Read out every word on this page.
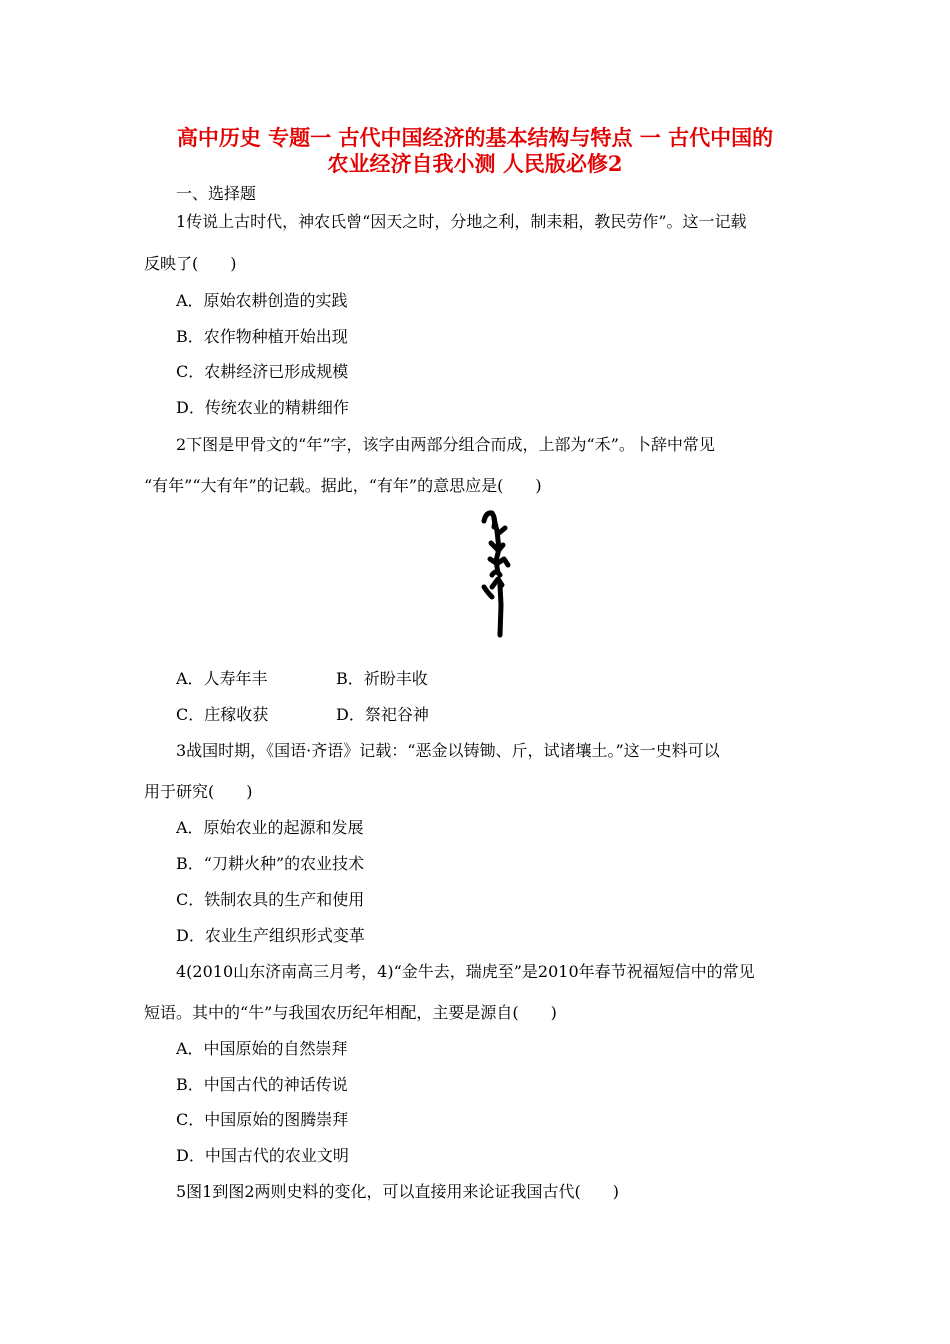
高中历史 专题一 古代中国经济的基本结构与特点 一 古代中国的
农业经济自我小测 人民版必修2
一、选择题
1传说上古时代，神农氏曾“因天之时，分地之利，制耒耜，教民劳作”。这一记载
反映了(　　)
A．原始农耕创造的实践
B．农作物种植开始出现
C．农耕经济已形成规模
D．传统农业的精耕细作
2下图是甲骨文的“年”字，该字由两部分组合而成，上部为“禾”。卜辞中常见
“有年”“大有年”的记载。据此，“有年”的意思应是(　　)
A．人寿年丰	B．祈盼丰收
C．庄稼收获	D．祭祀谷神
3战国时期，《国语·齐语》记载：“恶金以铸锄、斤，试诸壤土。”这一史料可以
用于研究(　　)
A．原始农业的起源和发展
B．“刀耕火种”的农业技术
C．铁制农具的生产和使用
D．农业生产组织形式变革
4(2010山东济南高三月考，4)“金牛去，瑞虎至”是2010年春节祝福短信中的常见
短语。其中的“牛”与我国农历纪年相配，主要是源自(　　)
A．中国原始的自然崇拜
B．中国古代的神话传说
C．中国原始的图腾崇拜
D．中国古代的农业文明
5图1到图2两则史料的变化，可以直接用来论证我国古代(　　)
